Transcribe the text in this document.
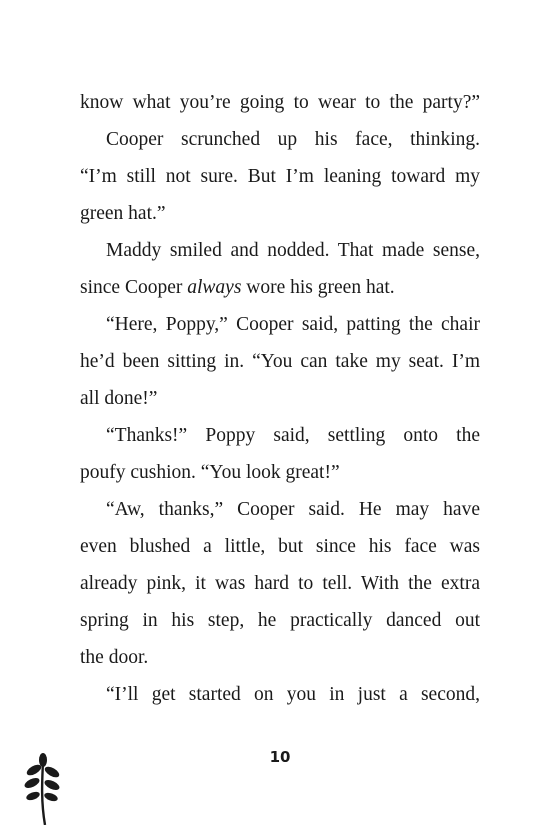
know what you’re going to wear to the party?”
Cooper scrunched up his face, thinking.
“I’m still not sure. But I’m leaning toward my
green hat.”
Maddy smiled and nodded. That made sense,
since Cooper always wore his green hat.
“Here, Poppy,” Cooper said, patting the chair
he’d been sitting in. “You can take my seat. I’m
all done!”
“Thanks!” Poppy said, settling onto the
poufy cushion. “You look great!”
“Aw, thanks,” Cooper said. He may have
even blushed a little, but since his face was
already pink, it was hard to tell. With the extra
spring in his step, he practically danced out
the door.
“I’ll get started on you in just a second,
10
